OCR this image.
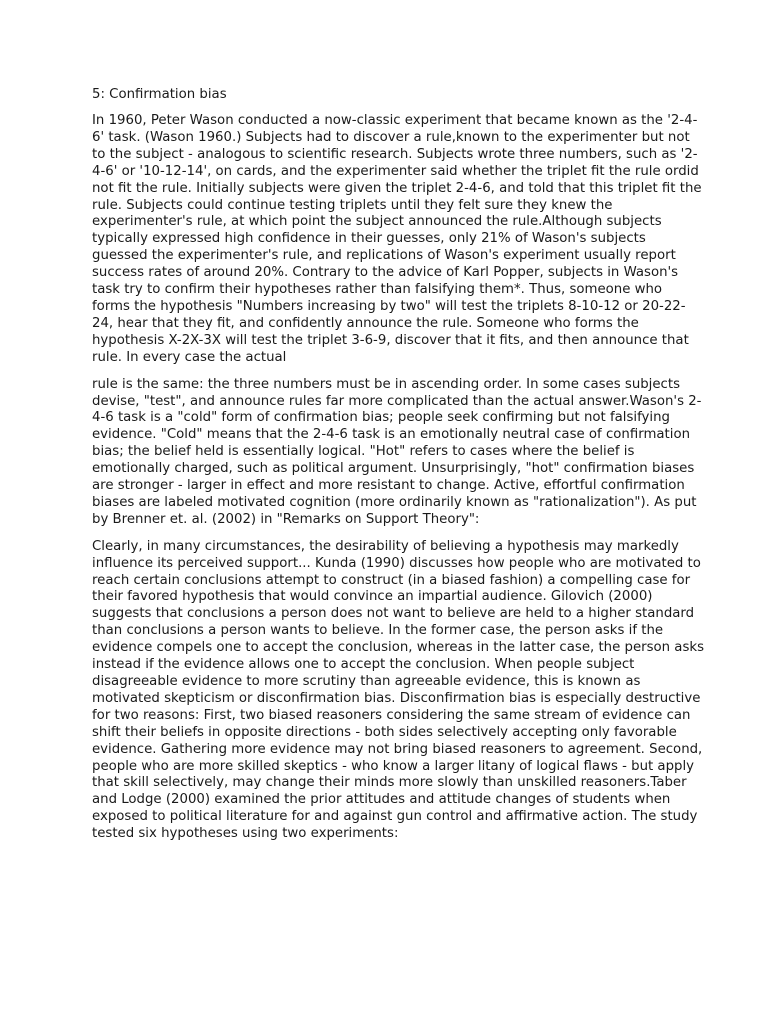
5: Confirmation bias

In 1960, Peter Wason conducted a now-classic experiment that became known as the '2-4-6' task. (Wason 1960.) Subjects had to discover a rule,known to the experimenter but not to the subject - analogous to scientific research. Subjects wrote three numbers, such as '2-4-6' or '10-12-14', on cards, and the experimenter said whether the triplet fit the rule ordid not fit the rule. Initially subjects were given the triplet 2-4-6, and told that this triplet fit the rule. Subjects could continue testing triplets until they felt sure they knew the experimenter's rule, at which point the subject announced the rule.Although subjects typically expressed high confidence in their guesses, only 21% of Wason's subjects guessed the experimenter's rule, and replications of Wason's experiment usually report success rates of around 20%. Contrary to the advice of Karl Popper, subjects in Wason's task try to confirm their hypotheses rather than falsifying them*. Thus, someone who forms the hypothesis "Numbers increasing by two" will test the triplets 8-10-12 or 20-22-24, hear that they fit, and confidently announce the rule. Someone who forms the hypothesis X-2X-3X will test the triplet 3-6-9, discover that it fits, and then announce that rule. In every case the actual

rule is the same: the three numbers must be in ascending order. In some cases subjects devise, "test", and announce rules far more complicated than the actual answer.Wason's 2-4-6 task is a "cold" form of confirmation bias; people seek confirming but not falsifying evidence. "Cold" means that the 2-4-6 task is an emotionally neutral case of confirmation bias; the belief held is essentially logical. "Hot" refers to cases where the belief is emotionally charged, such as political argument. Unsurprisingly, "hot" confirmation biases are stronger - larger in effect and more resistant to change. Active, effortful confirmation biases are labeled motivated cognition (more ordinarily known as "rationalization"). As put by Brenner et. al. (2002) in "Remarks on Support Theory":

Clearly, in many circumstances, the desirability of believing a hypothesis may markedly influence its perceived support... Kunda (1990) discusses how people who are motivated to reach certain conclusions attempt to construct (in a biased fashion) a compelling case for their favored hypothesis that would convince an impartial audience. Gilovich (2000) suggests that conclusions a person does not want to believe are held to a higher standard than conclusions a person wants to believe. In the former case, the person asks if the evidence compels one to accept the conclusion, whereas in the latter case, the person asks instead if the evidence allows one to accept the conclusion. When people subject disagreeable evidence to more scrutiny than agreeable evidence, this is known as motivated skepticism or disconfirmation bias. Disconfirmation bias is especially destructive for two reasons: First, two biased reasoners considering the same stream of evidence can shift their beliefs in opposite directions - both sides selectively accepting only favorable evidence. Gathering more evidence may not bring biased reasoners to agreement. Second, people who are more skilled skeptics - who know a larger litany of logical flaws - but apply that skill selectively, may change their minds more slowly than unskilled reasoners.Taber and Lodge (2000) examined the prior attitudes and attitude changes of students when exposed to political literature for and against gun control and affirmative action. The study tested six hypotheses using two experiments:
